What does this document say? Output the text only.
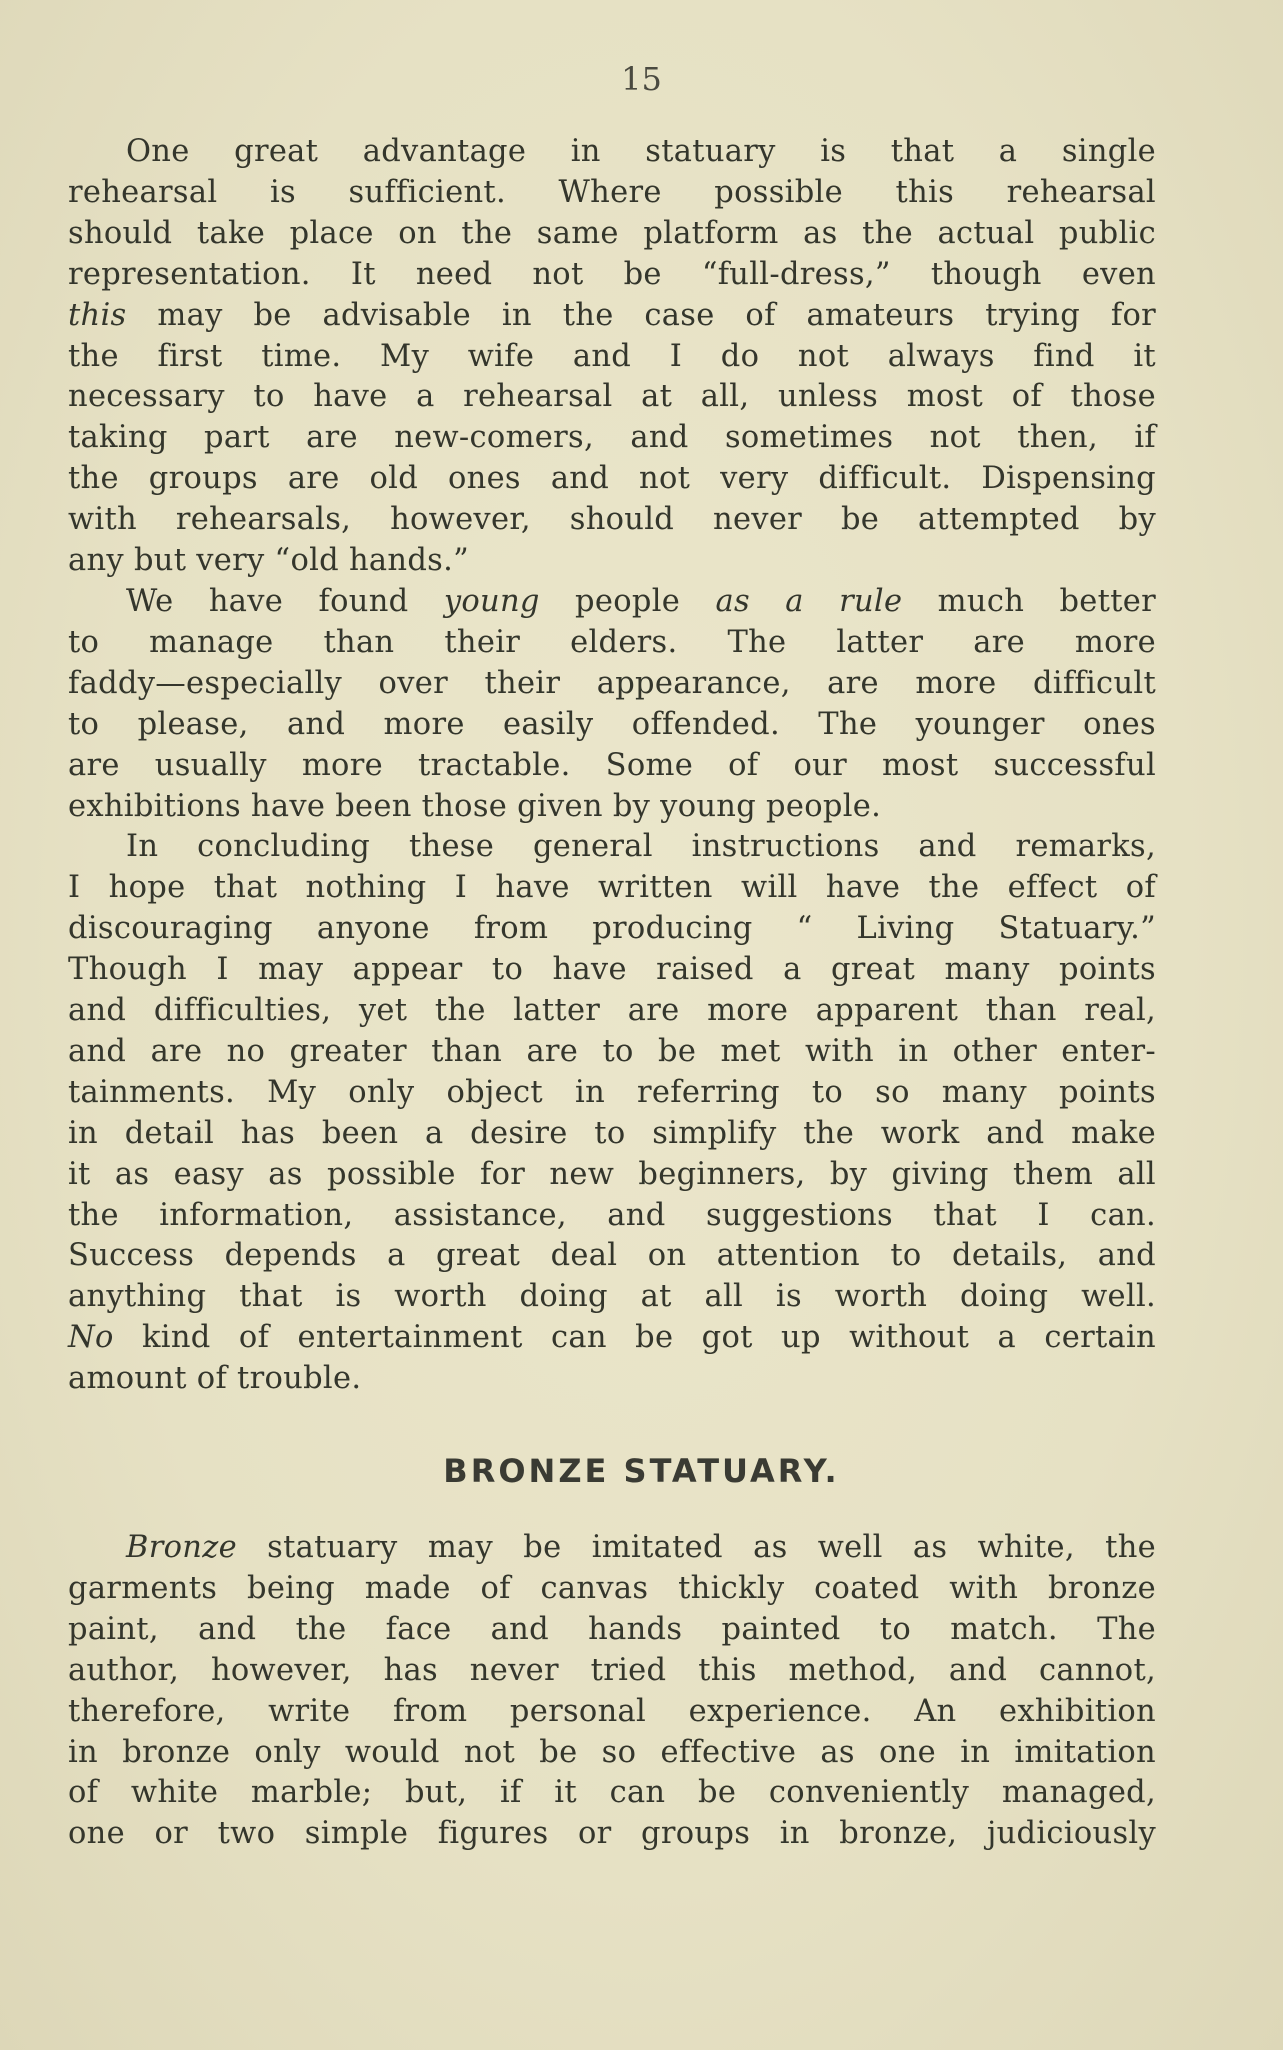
15
One great advantage in statuary is that a single
rehearsal is sufficient. Where possible this rehearsal
should take place on the same platform as the actual public
representation. It need not be “full-dress,” though even
this may be advisable in the case of amateurs trying for
the first time. My wife and I do not always find it
necessary to have a rehearsal at all, unless most of those
taking part are new-comers, and sometimes not then, if
the groups are old ones and not very difficult. Dispensing
with rehearsals, however, should never be attempted by
any but very “old hands.”
We have found young people as a rule much better
to manage than their elders. The latter are more
faddy—especially over their appearance, are more difficult
to please, and more easily offended. The younger ones
are usually more tractable. Some of our most successful
exhibitions have been those given by young people.
In concluding these general instructions and remarks,
I hope that nothing I have written will have the effect of
discouraging anyone from producing “ Living Statuary.”
Though I may appear to have raised a great many points
and difficulties, yet the latter are more apparent than real,
and are no greater than are to be met with in other enter-
tainments. My only object in referring to so many points
in detail has been a desire to simplify the work and make
it as easy as possible for new beginners, by giving them all
the information, assistance, and suggestions that I can.
Success depends a great deal on attention to details, and
anything that is worth doing at all is worth doing well.
No kind of entertainment can be got up without a certain
amount of trouble.
BRONZE STATUARY.
Bronze statuary may be imitated as well as white, the
garments being made of canvas thickly coated with bronze
paint, and the face and hands painted to match. The
author, however, has never tried this method, and cannot,
therefore, write from personal experience. An exhibition
in bronze only would not be so effective as one in imitation
of white marble; but, if it can be conveniently managed,
one or two simple figures or groups in bronze, judiciously
